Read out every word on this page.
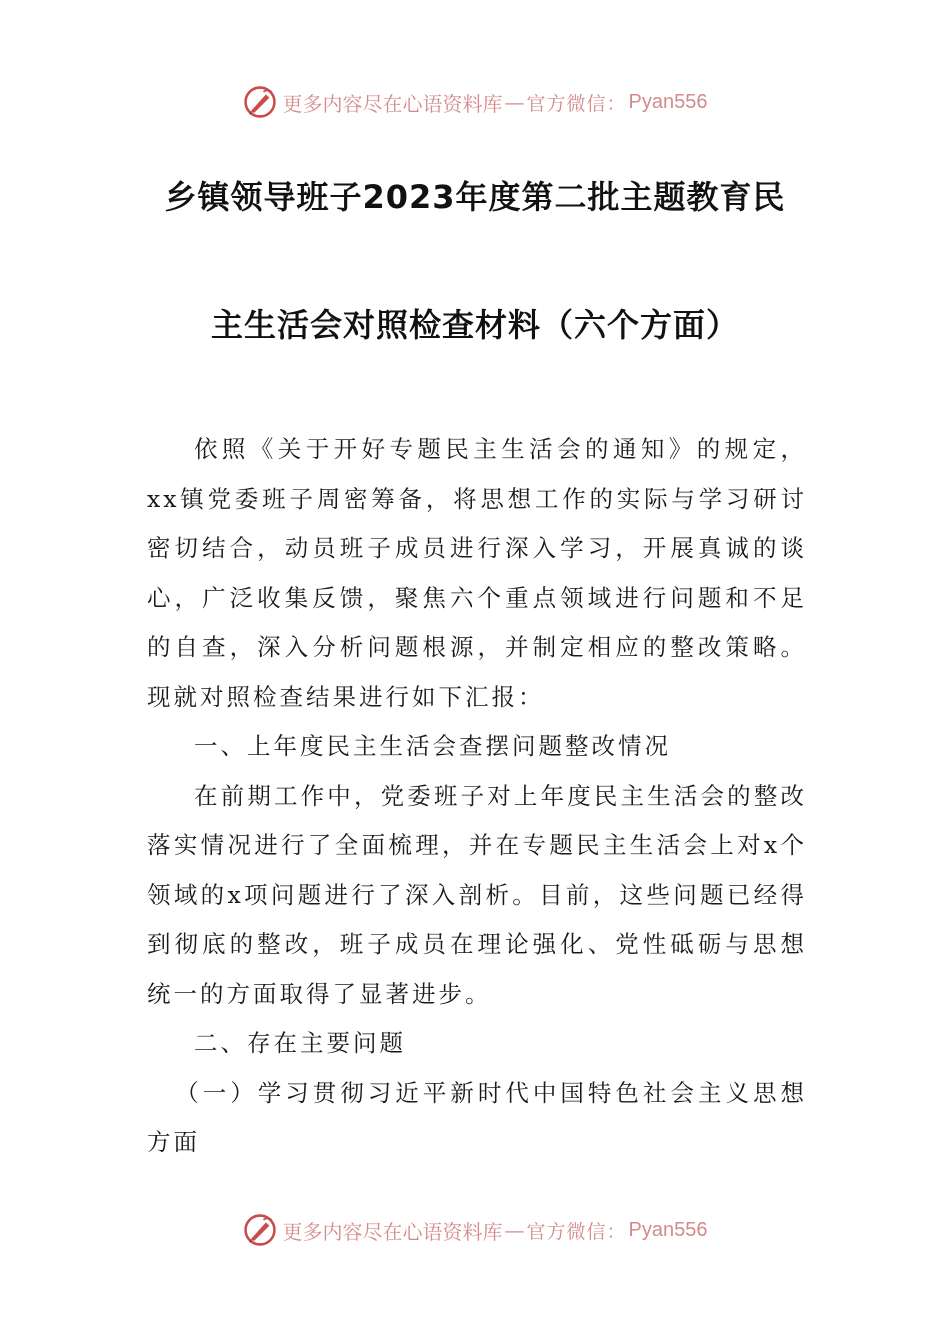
更多内容尽在心语资料库 — 官方微信： Pyan556
乡镇领导班子2023年度第二批主题教育民
主生活会对照检查材料（六个方面）

依照《关于开好专题民主生活会的通知》的规定，xx镇党委班子周密筹备，将思想工作的实际与学习研讨密切结合，动员班子成员进行深入学习，开展真诚的谈心，广泛收集反馈，聚焦六个重点领域进行问题和不足的自查，深入分析问题根源，并制定相应的整改策略。现就对照检查结果进行如下汇报：

一、上年度民主生活会查摆问题整改情况

在前期工作中，党委班子对上年度民主生活会的整改落实情况进行了全面梳理，并在专题民主生活会上对x个领域的x项问题进行了深入剖析。目前，这些问题已经得到彻底的整改，班子成员在理论强化、党性砥砺与思想统一的方面取得了显著进步。

二、存在主要问题

（一）学习贯彻习近平新时代中国特色社会主义思想方面

更多内容尽在心语资料库 — 官方微信： Pyan556
